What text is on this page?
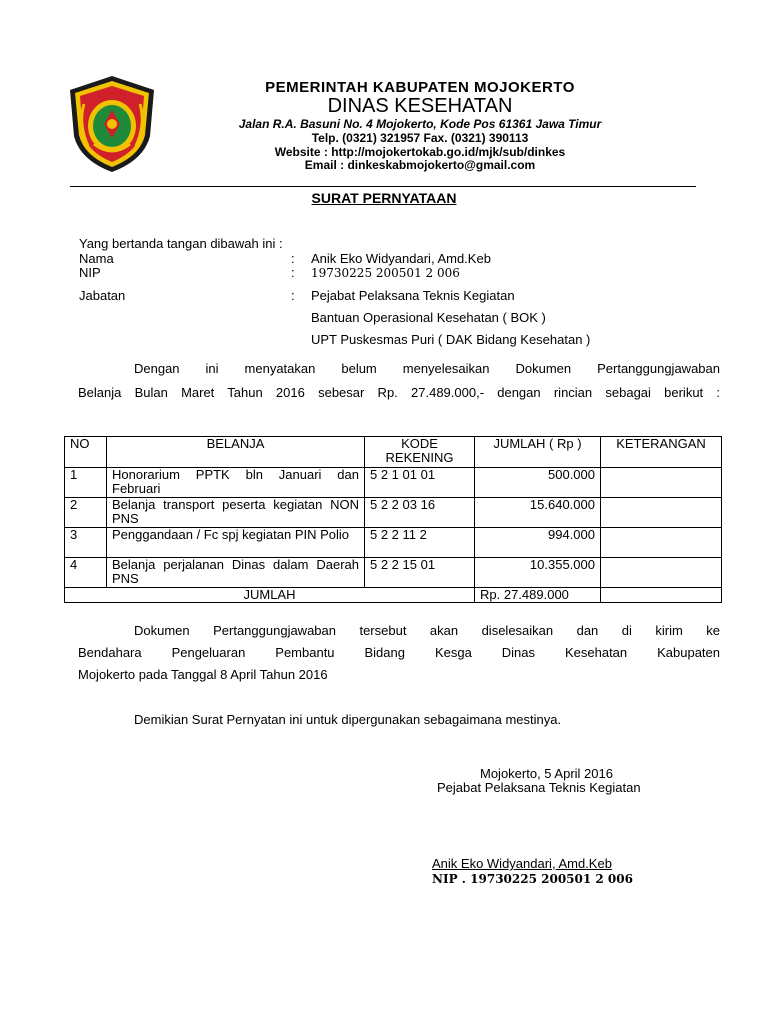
PEMERINTAH KABUPATEN MOJOKERTO
DINAS KESEHATAN
Jalan R.A. Basuni No. 4 Mojokerto, Kode Pos 61361 Jawa Timur
Telp. (0321) 321957 Fax. (0321) 390113
Website : http://mojokertokab.go.id/mjk/sub/dinkes
Email : dinkeskabmojokerto@gmail.com
SURAT PERNYATAAN
Yang bertanda tangan dibawah ini :
Nama	: Anik Eko Widyandari, Amd.Keb
NIP	: 19730225 200501 2 006
Jabatan	: Pejabat Pelaksana Teknis Kegiatan
Bantuan Operasional Kesehatan ( BOK )
UPT Puskesmas Puri ( DAK Bidang Kesehatan )
Dengan ini menyatakan belum menyelesaikan Dokumen Pertanggungjawaban
Belanja Bulan Maret Tahun 2016 sebesar Rp. 27.489.000,- dengan rincian sebagai berikut :
NO	BELANJA	KODE REKENING	JUMLAH ( Rp )	KETERANGAN
1	Honorarium PPTK bln Januari dan Februari	5 2 1 01 01	500.000	
2	Belanja transport peserta kegiatan NON PNS	5 2 2 03 16	15.640.000	
3	Penggandaan / Fc spj kegiatan PIN Polio	5 2 2 11 2	994.000	
4	Belanja perjalanan Dinas dalam Daerah PNS	5 2 2 15 01	10.355.000	
JUMLAH			Rp. 27.489.000	
Dokumen Pertanggungjawaban tersebut akan diselesaikan dan di kirim ke
Bendahara Pengeluaran Pembantu Bidang Kesga Dinas Kesehatan Kabupaten
Mojokerto pada Tanggal 8 April Tahun 2016
Demikian Surat Pernyatan ini untuk dipergunakan sebagaimana mestinya.
Mojokerto, 5 April 2016
Pejabat Pelaksana Teknis Kegiatan
Anik Eko Widyandari, Amd.Keb
NIP . 19730225 200501 2 006
